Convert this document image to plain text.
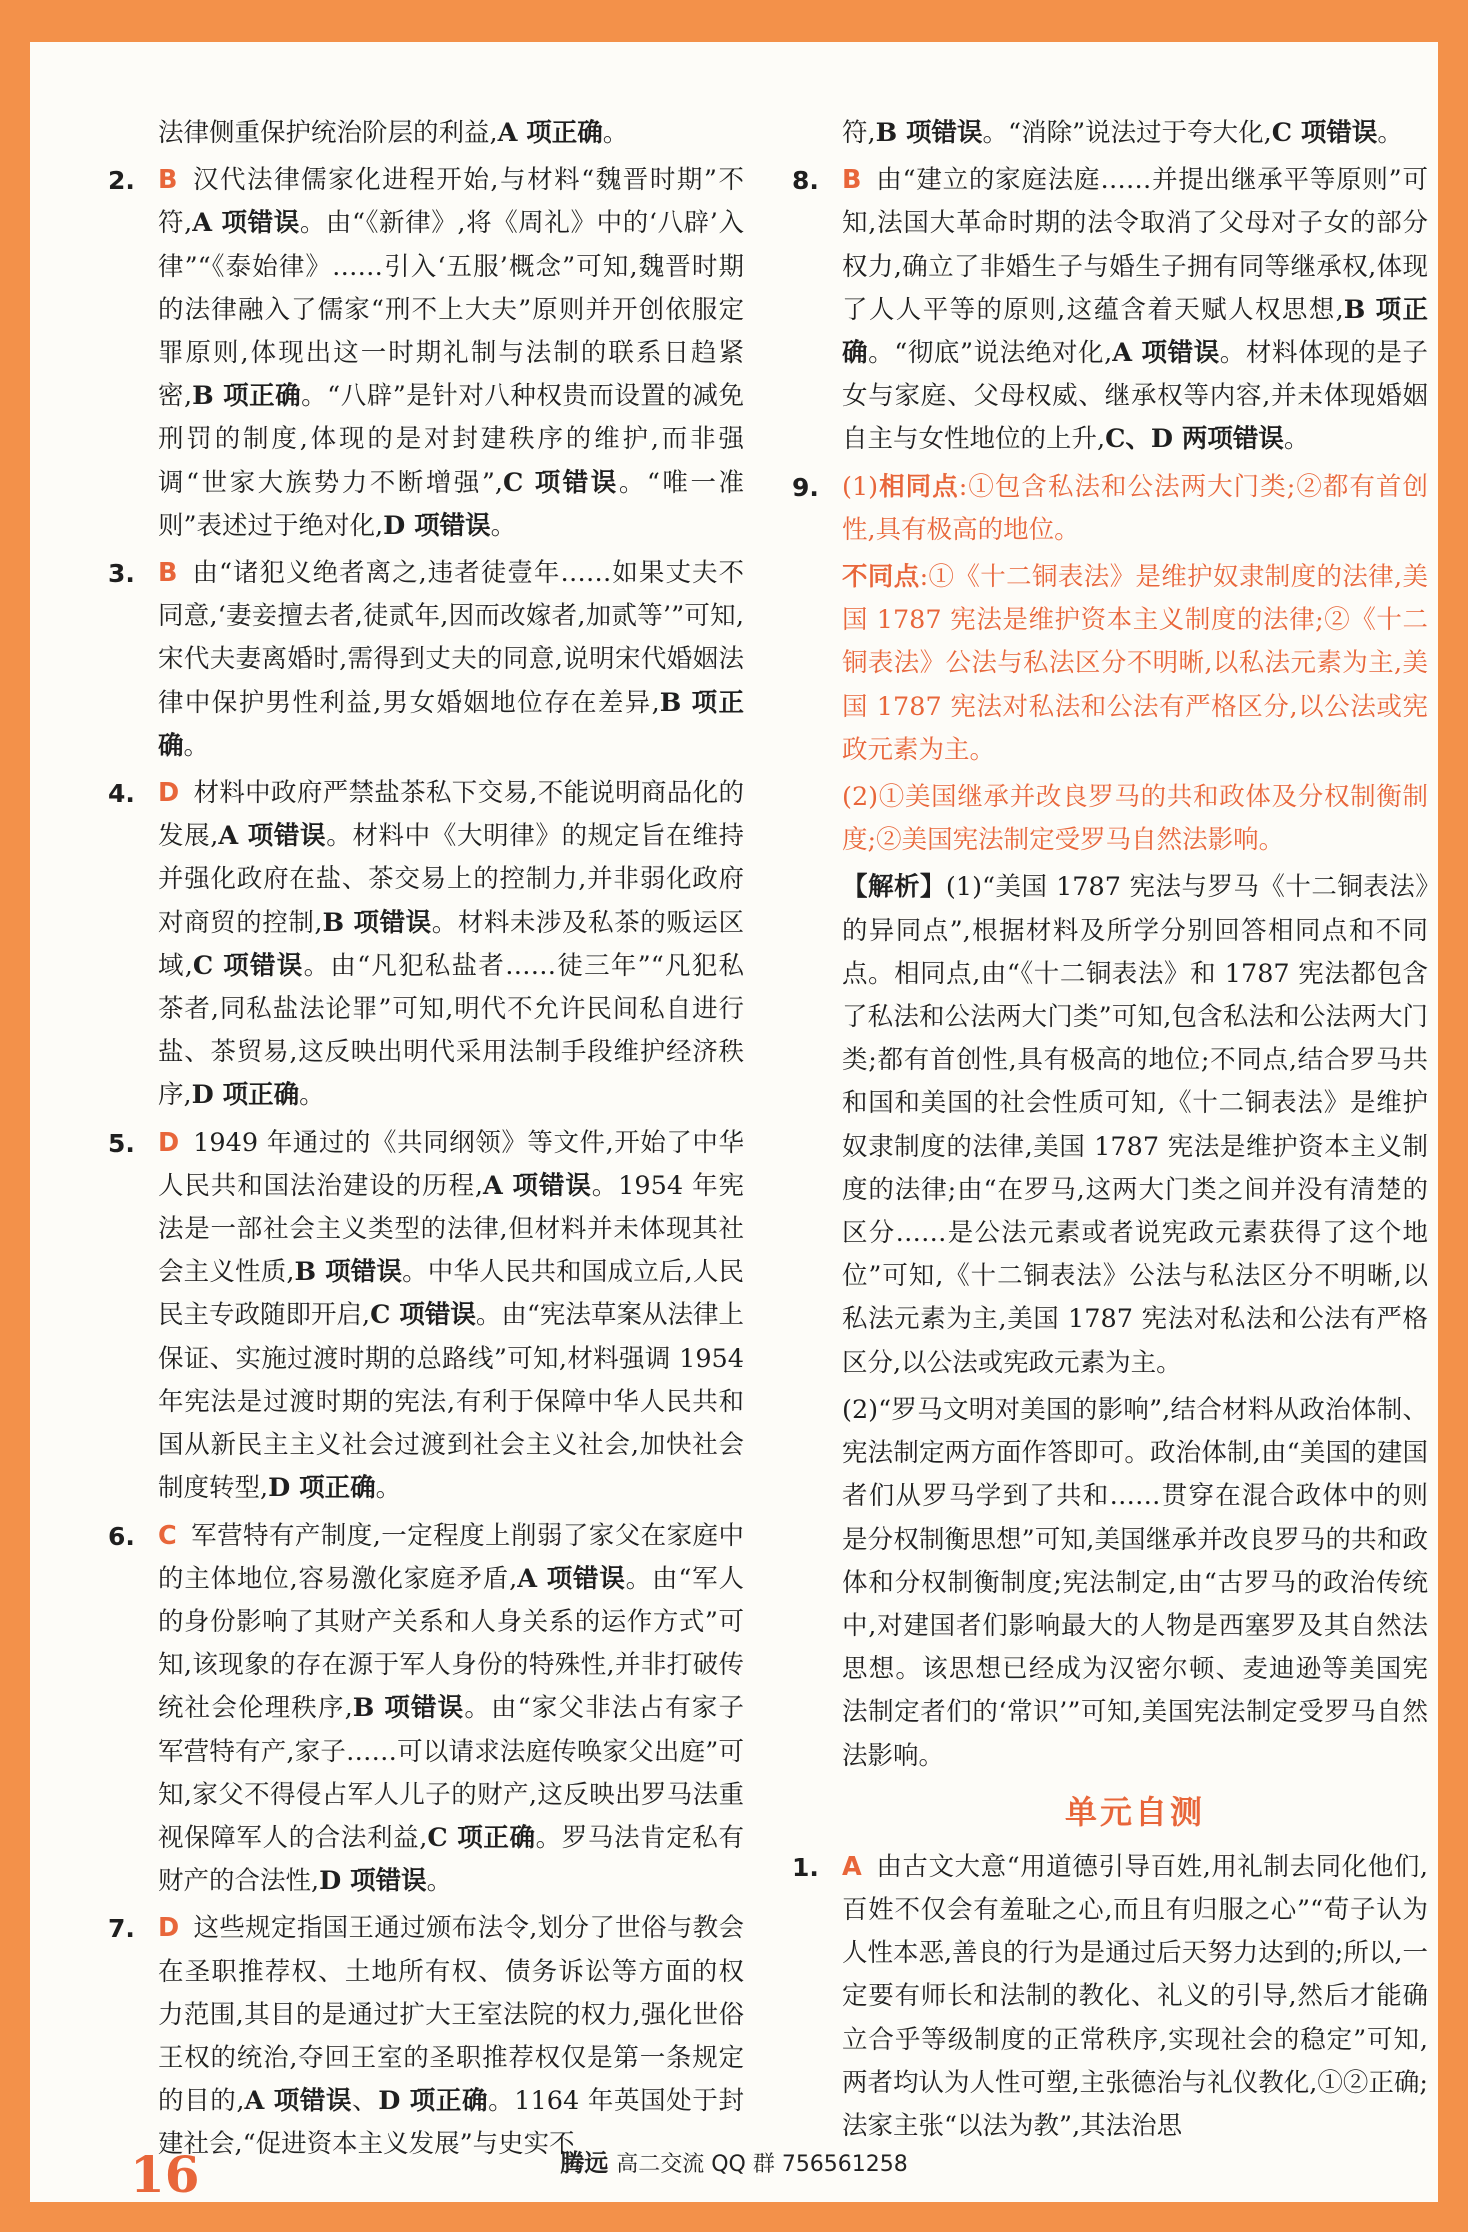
法律侧重保护统治阶层的利益,A 项正确。

2. B 汉代法律儒家化进程开始,与材料“魏晋时期”不符,A 项错误。由“《新律》,将《周礼》中的‘八辟’入律”“《泰始律》……引入‘五服’概念”可知,魏晋时期的法律融入了儒家“刑不上大夫”原则并开创依服定罪原则,体现出这一时期礼制与法制的联系日趋紧密,B 项正确。“八辟”是针对八种权贵而设置的减免刑罚的制度,体现的是对封建秩序的维护,而非强调“世家大族势力不断增强”,C 项错误。“唯一准则”表述过于绝对化,D 项错误。

3. B 由“诸犯义绝者离之,违者徒壹年……如果丈夫不同意,‘妻妾擅去者,徒贰年,因而改嫁者,加贰等’”可知,宋代夫妻离婚时,需得到丈夫的同意,说明宋代婚姻法律中保护男性利益,男女婚姻地位存在差异,B 项正确。

4. D 材料中政府严禁盐茶私下交易,不能说明商品化的发展,A 项错误。材料中《大明律》的规定旨在维持并强化政府在盐、茶交易上的控制力,并非弱化政府对商贸的控制,B 项错误。材料未涉及私茶的贩运区域,C 项错误。由“凡犯私盐者……徒三年”“凡犯私茶者,同私盐法论罪”可知,明代不允许民间私自进行盐、茶贸易,这反映出明代采用法制手段维护经济秩序,D 项正确。

5. D 1949 年通过的《共同纲领》等文件,开始了中华人民共和国法治建设的历程,A 项错误。1954 年宪法是一部社会主义类型的法律,但材料并未体现其社会主义性质,B 项错误。中华人民共和国成立后,人民民主专政随即开启,C 项错误。由“宪法草案从法律上保证、实施过渡时期的总路线”可知,材料强调 1954 年宪法是过渡时期的宪法,有利于保障中华人民共和国从新民主主义社会过渡到社会主义社会,加快社会制度转型,D 项正确。

6. C 军营特有产制度,一定程度上削弱了家父在家庭中的主体地位,容易激化家庭矛盾,A 项错误。由“军人的身份影响了其财产关系和人身关系的运作方式”可知,该现象的存在源于军人身份的特殊性,并非打破传统社会伦理秩序,B 项错误。由“家父非法占有家子军营特有产,家子……可以请求法庭传唤家父出庭”可知,家父不得侵占军人儿子的财产,这反映出罗马法重视保障军人的合法利益,C 项正确。罗马法肯定私有财产的合法性,D 项错误。

7. D 这些规定指国王通过颁布法令,划分了世俗与教会在圣职推荐权、土地所有权、债务诉讼等方面的权力范围,其目的是通过扩大王室法院的权力,强化世俗王权的统治,夺回王室的圣职推荐权仅是第一条规定的目的,A 项错误、D 项正确。1164 年英国处于封建社会,“促进资本主义发展”与史实不

符,B 项错误。“消除”说法过于夸大化,C 项错误。

8. B 由“建立的家庭法庭……并提出继承平等原则”可知,法国大革命时期的法令取消了父母对子女的部分权力,确立了非婚生子与婚生子拥有同等继承权,体现了人人平等的原则,这蕴含着天赋人权思想,B 项正确。“彻底”说法绝对化,A 项错误。材料体现的是子女与家庭、父母权威、继承权等内容,并未体现婚姻自主与女性地位的上升,C、D 两项错误。

9. (1)相同点:①包含私法和公法两大门类;②都有首创性,具有极高的地位。

不同点:①《十二铜表法》是维护奴隶制度的法律,美国 1787 宪法是维护资本主义制度的法律;②《十二铜表法》公法与私法区分不明晰,以私法元素为主,美国 1787 宪法对私法和公法有严格区分,以公法或宪政元素为主。

(2)①美国继承并改良罗马的共和政体及分权制衡制度;②美国宪法制定受罗马自然法影响。

【解析】(1)“美国 1787 宪法与罗马《十二铜表法》的异同点”,根据材料及所学分别回答相同点和不同点。相同点,由“《十二铜表法》和 1787 宪法都包含了私法和公法两大门类”可知,包含私法和公法两大门类;都有首创性,具有极高的地位;不同点,结合罗马共和国和美国的社会性质可知,《十二铜表法》是维护奴隶制度的法律,美国 1787 宪法是维护资本主义制度的法律;由“在罗马,这两大门类之间并没有清楚的区分……是公法元素或者说宪政元素获得了这个地位”可知,《十二铜表法》公法与私法区分不明晰,以私法元素为主,美国 1787 宪法对私法和公法有严格区分,以公法或宪政元素为主。

(2)“罗马文明对美国的影响”,结合材料从政治体制、宪法制定两方面作答即可。政治体制,由“美国的建国者们从罗马学到了共和……贯穿在混合政体中的则是分权制衡思想”可知,美国继承并改良罗马的共和政体和分权制衡制度;宪法制定,由“古罗马的政治传统中,对建国者们影响最大的人物是西塞罗及其自然法思想。该思想已经成为汉密尔顿、麦迪逊等美国宪法制定者们的‘常识’”可知,美国宪法制定受罗马自然法影响。

单元自测

1. A 由古文大意“用道德引导百姓,用礼制去同化他们,百姓不仅会有羞耻之心,而且有归服之心”“荀子认为人性本恶,善良的行为是通过后天努力达到的;所以,一定要有师长和法制的教化、礼义的引导,然后才能确立合乎等级制度的正常秩序,实现社会的稳定”可知,两者均认为人性可塑,主张德治与礼仪教化,①②正确;法家主张“以法为教”,其法治思

16	腾远 高二交流 QQ 群 756561258
